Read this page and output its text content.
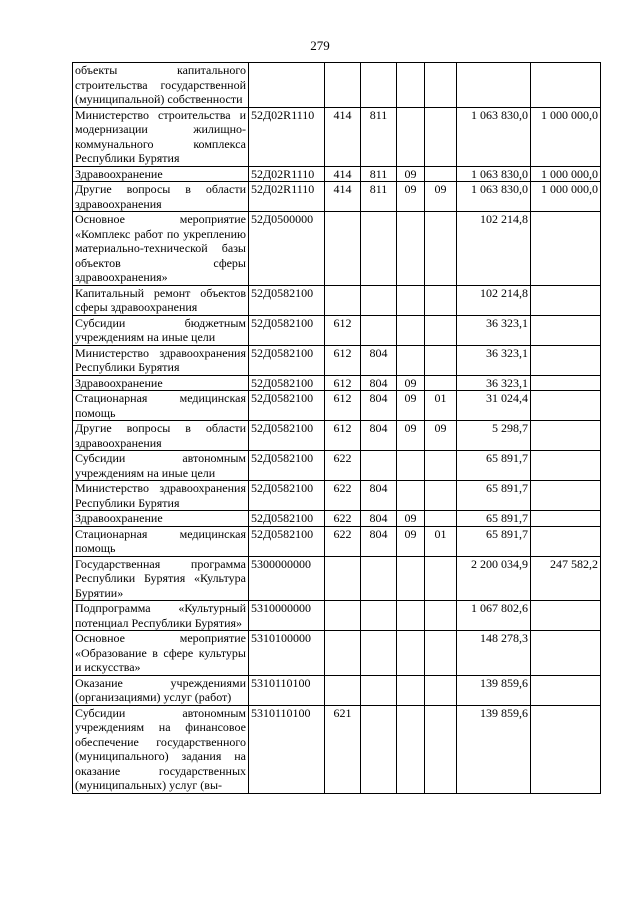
279
объекты капитального строительства государственной (муниципальной) собственности							
Министерство строительства и модернизации жилищно-коммунального комплекса Республики Бурятия	52Д02R1110	414	811			1 063 830,0	1 000 000,0
Здравоохранение	52Д02R1110	414	811	09		1 063 830,0	1 000 000,0
Другие вопросы в области здравоохранения	52Д02R1110	414	811	09	09	1 063 830,0	1 000 000,0
Основное мероприятие «Комплекс работ по укреплению материально-технической базы объектов сферы здравоохранения»	52Д0500000					102 214,8	
Капитальный ремонт объектов сферы здравоохранения	52Д0582100					102 214,8	
Субсидии бюджетным учреждениям на иные цели	52Д0582100	612				36 323,1	
Министерство здравоохранения Республики Бурятия	52Д0582100	612	804			36 323,1	
Здравоохранение	52Д0582100	612	804	09		36 323,1	
Стационарная медицинская помощь	52Д0582100	612	804	09	01	31 024,4	
Другие вопросы в области здравоохранения	52Д0582100	612	804	09	09	5 298,7	
Субсидии автономным учреждениям на иные цели	52Д0582100	622				65 891,7	
Министерство здравоохранения Республики Бурятия	52Д0582100	622	804			65 891,7	
Здравоохранение	52Д0582100	622	804	09		65 891,7	
Стационарная медицинская помощь	52Д0582100	622	804	09	01	65 891,7	
Государственная программа Республики Бурятия «Культура Бурятии»	5300000000					2 200 034,9	247 582,2
Подпрограмма «Культурный потенциал Республики Бурятия»	5310000000					1 067 802,6	
Основное мероприятие «Образование в сфере культуры и искусства»	5310100000					148 278,3	
Оказание учреждениями (организациями) услуг (работ)	5310110100					139 859,6	
Субсидии автономным учреждениям на финансовое обеспечение государственного (муниципального) задания на оказание государственных (муниципальных) услуг (вы-	5310110100	621				139 859,6	
